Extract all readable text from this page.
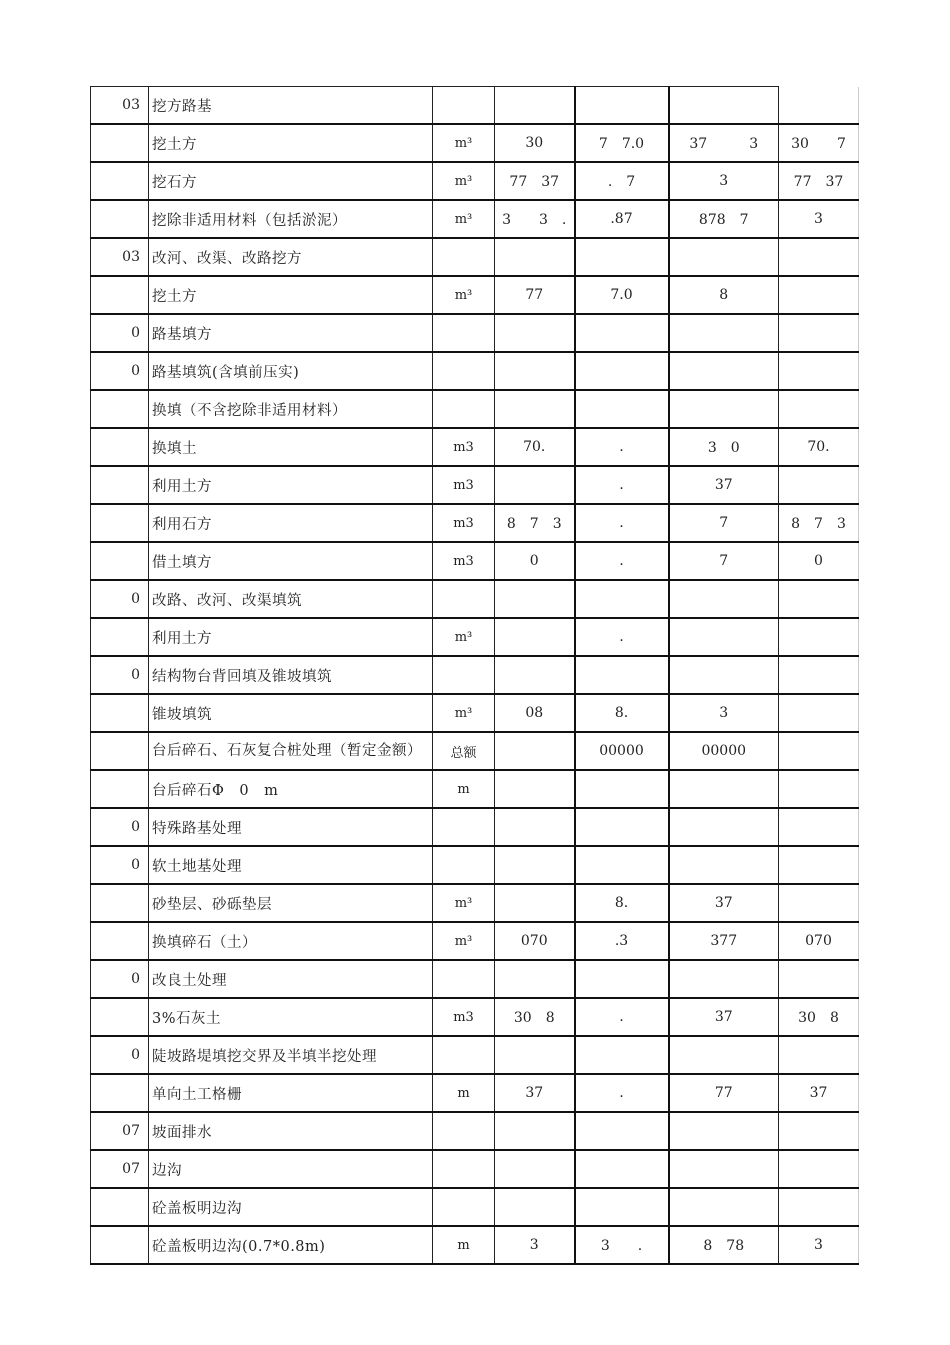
03	挖方路基					
	挖土方	m³	30	7　7.0	37　　　3	30　　7
	挖石方	m³	77　37	.　7	3	77　37
	挖除非适用材料（包括淤泥）	m³	3　　3　.	.87	878　7	3
03	改河、改渠、改路挖方					
	挖土方	m³	77	7.0	8	
0	路基填方					
0	路基填筑(含填前压实)					
	换填（不含挖除非适用材料）					
	换填土	m3	70.	.	3　0	70.
	利用土方	m3		.	37	
	利用石方	m3	8　7　3	.	7	8　7　3
	借土填方	m3	0	.	7	0
0	改路、改河、改渠填筑					
	利用土方	m³		.		
0	结构物台背回填及锥坡填筑					
	锥坡填筑	m³	08	8.	3	
	台后碎石、石灰复合桩处理（暂定金额）	总额		00000	00000	
	台后碎石Φ　0　m	m				
0	特殊路基处理					
0	软土地基处理					
	砂垫层、砂砾垫层	m³		8.	37	
	换填碎石（土）	m³	070	.3	377	070
0	改良土处理					
	3%石灰土	m3	30　8	.	37	30　8
0	陡坡路堤填挖交界及半填半挖处理					
	单向土工格栅	m	37	.	77	37
07	坡面排水					
07	边沟					
	砼盖板明边沟					
	砼盖板明边沟(0.7*0.8m)	m	3	3　　.	8　78	3
